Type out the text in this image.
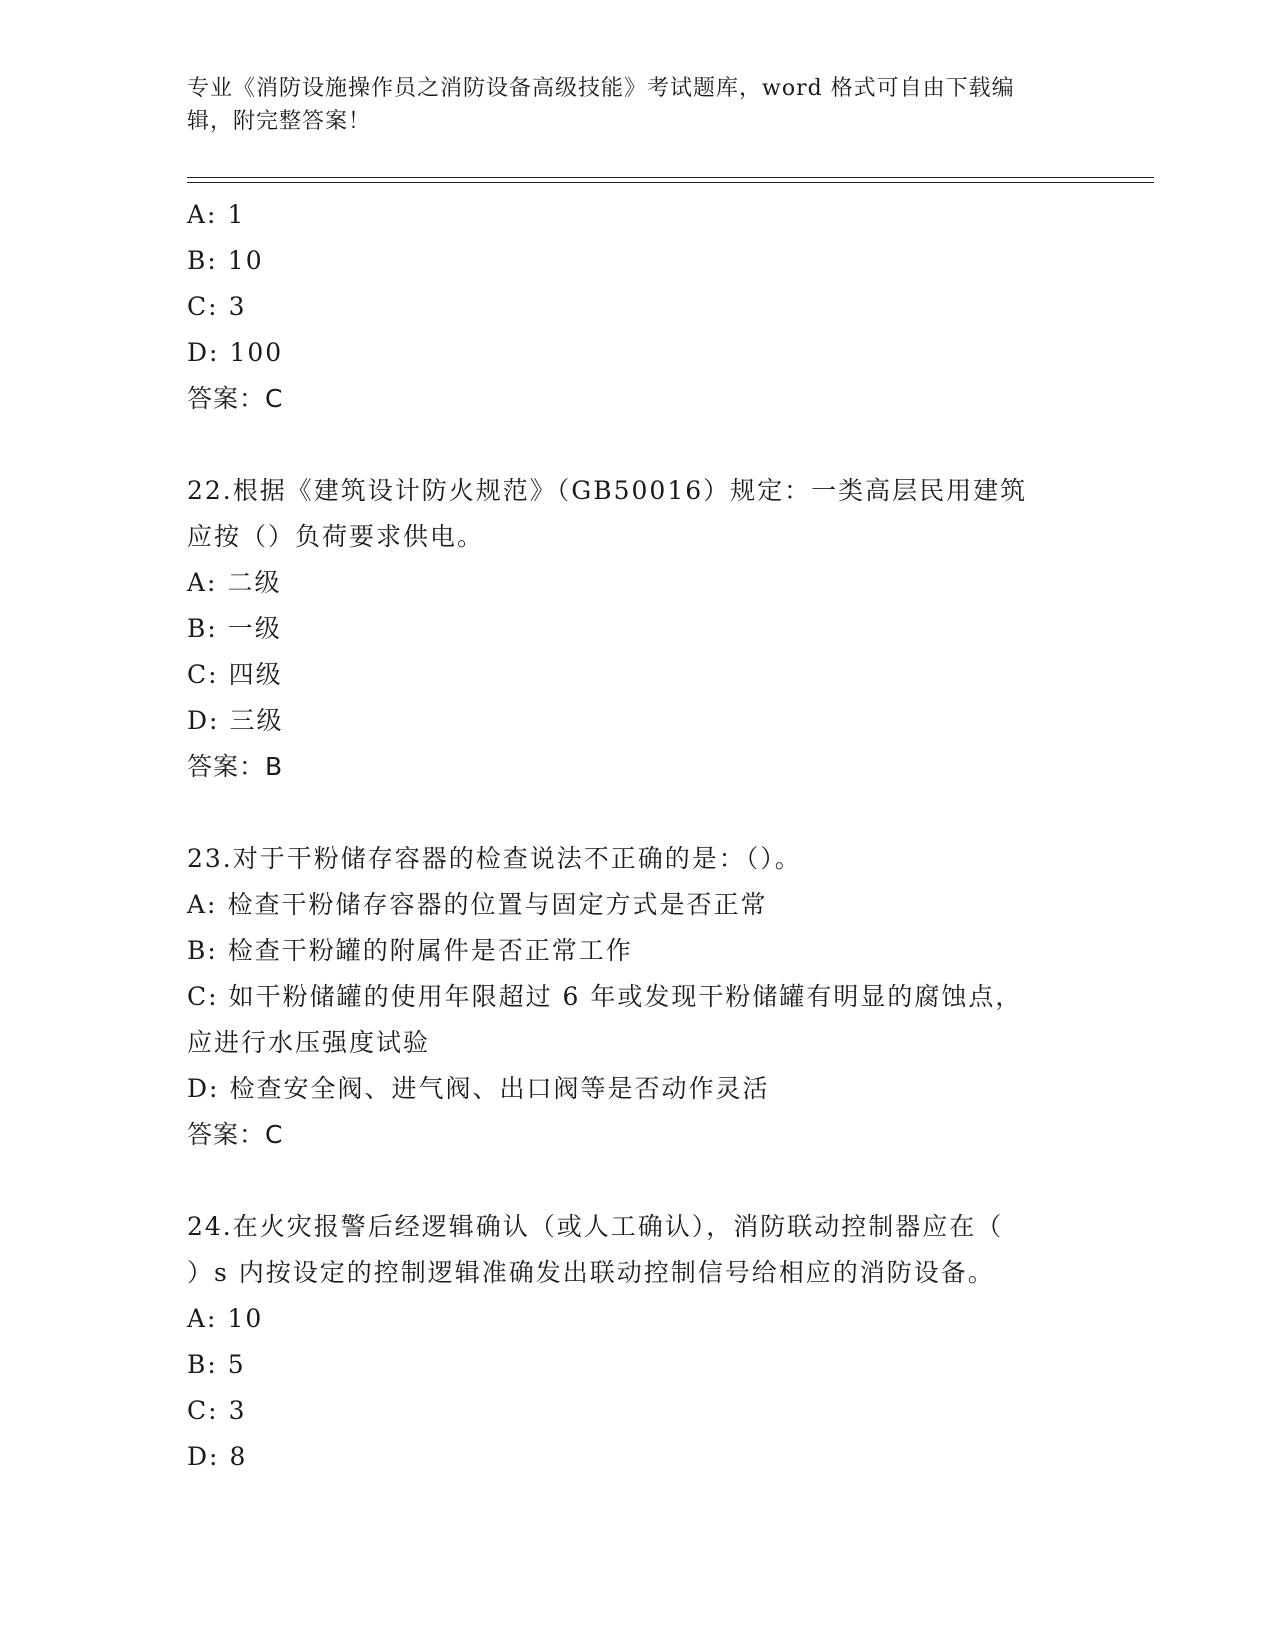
专业《消防设施操作员之消防设备高级技能》考试题库，word 格式可自由下载编
辑，附完整答案！
A: 1
B: 10
C: 3
D: 100
答案：C
22.根据《建筑设计防火规范》（GB50016）规定：一类高层民用建筑
应按（）负荷要求供电。
A: 二级
B: 一级
C: 四级
D: 三级
答案：B
23.对于干粉储存容器的检查说法不正确的是：（）。
A: 检查干粉储存容器的位置与固定方式是否正常
B: 检查干粉罐的附属件是否正常工作
C: 如干粉储罐的使用年限超过 6 年或发现干粉储罐有明显的腐蚀点，
应进行水压强度试验
D: 检查安全阀、进气阀、出口阀等是否动作灵活
答案：C
24.在火灾报警后经逻辑确认（或人工确认），消防联动控制器应在（
）s 内按设定的控制逻辑准确发出联动控制信号给相应的消防设备。
A: 10
B: 5
C: 3
D: 8
